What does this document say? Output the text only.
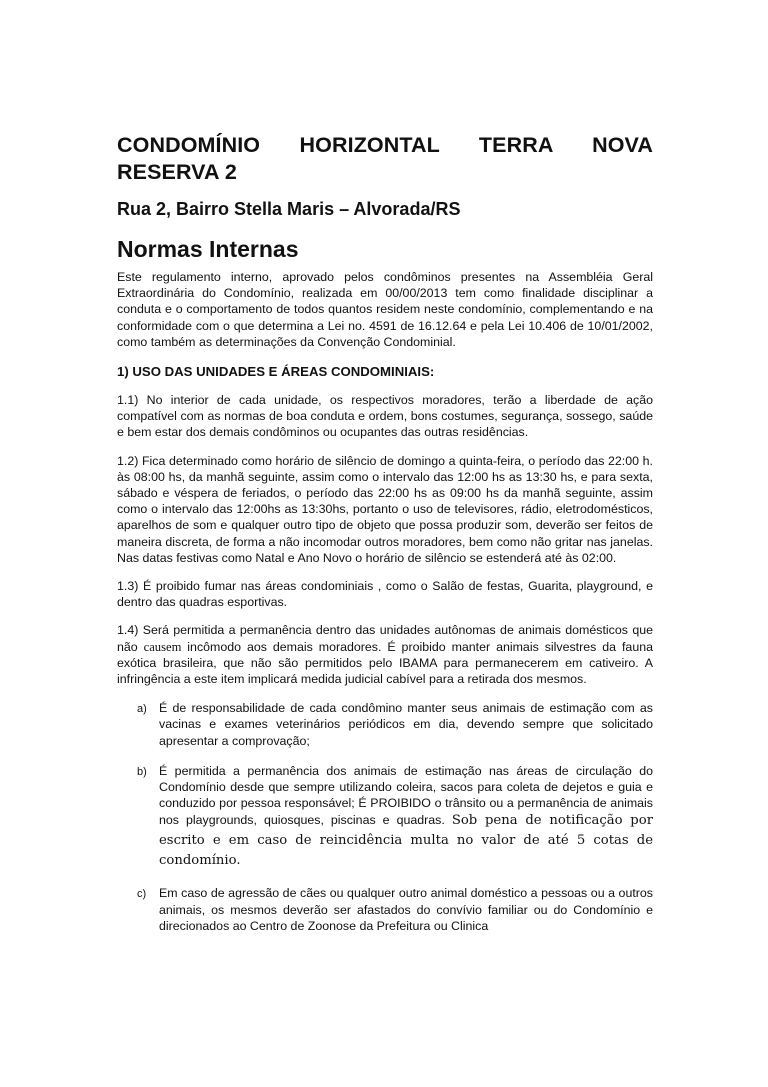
CONDOMÍNIO HORIZONTAL TERRA NOVA RESERVA 2
Rua 2, Bairro Stella Maris – Alvorada/RS
Normas Internas

Este regulamento interno, aprovado pelos condôminos presentes na Assembléia Geral Extraordinária do Condomínio, realizada em 00/00/2013 tem como finalidade disciplinar a conduta e o comportamento de todos quantos residem neste condomínio, complementando e na conformidade com o que determina a Lei no. 4591 de 16.12.64 e pela Lei 10.406 de 10/01/2002, como também as determinações da Convenção Condominial.

1) USO DAS UNIDADES E ÁREAS CONDOMINIAIS:

1.1) No interior de cada unidade, os respectivos moradores, terão a liberdade de ação compatível com as normas de boa conduta e ordem, bons costumes, segurança, sossego, saúde e bem estar dos demais condôminos ou ocupantes das outras residências.

1.2) Fica determinado como horário de silêncio de domingo a quinta-feira, o período das 22:00 h. às 08:00 hs, da manhã seguinte, assim como o intervalo das 12:00 hs as 13:30 hs, e para sexta, sábado e véspera de feriados, o período das 22:00 hs as 09:00 hs da manhã seguinte, assim como o intervalo das 12:00hs as 13:30hs, portanto o uso de televisores, rádio, eletrodomésticos, aparelhos de som e qualquer outro tipo de objeto que possa produzir som, deverão ser feitos de maneira discreta, de forma a não incomodar outros moradores, bem como não gritar nas janelas. Nas datas festivas como Natal e Ano Novo o horário de silêncio se estenderá até às 02:00.

1.3) É proibido fumar nas áreas condominiais , como o Salão de festas, Guarita, playground, e dentro das quadras esportivas.

1.4) Será permitida a permanência dentro das unidades autônomas de animais domésticos que não causem incômodo aos demais moradores. É proibido manter animais silvestres da fauna exótica brasileira, que não são permitidos pelo IBAMA para permanecerem em cativeiro. A infringência a este item implicará medida judicial cabível para a retirada dos mesmos.

a) É de responsabilidade de cada condômino manter seus animais de estimação com as vacinas e exames veterinários periódicos em dia, devendo sempre que solicitado apresentar a comprovação;
b) É permitida a permanência dos animais de estimação nas áreas de circulação do Condomínio desde que sempre utilizando coleira, sacos para coleta de dejetos e guia e conduzido por pessoa responsável; É PROIBIDO o trânsito ou a permanência de animais nos playgrounds, quiosques, piscinas e quadras. Sob pena de notificação por escrito e em caso de reincidência multa no valor de até 5 cotas de condomínio.
c) Em caso de agressão de cães ou qualquer outro animal doméstico a pessoas ou a outros animais, os mesmos deverão ser afastados do convívio familiar ou do Condomínio e direcionados ao Centro de Zoonose da Prefeitura ou Clinica
